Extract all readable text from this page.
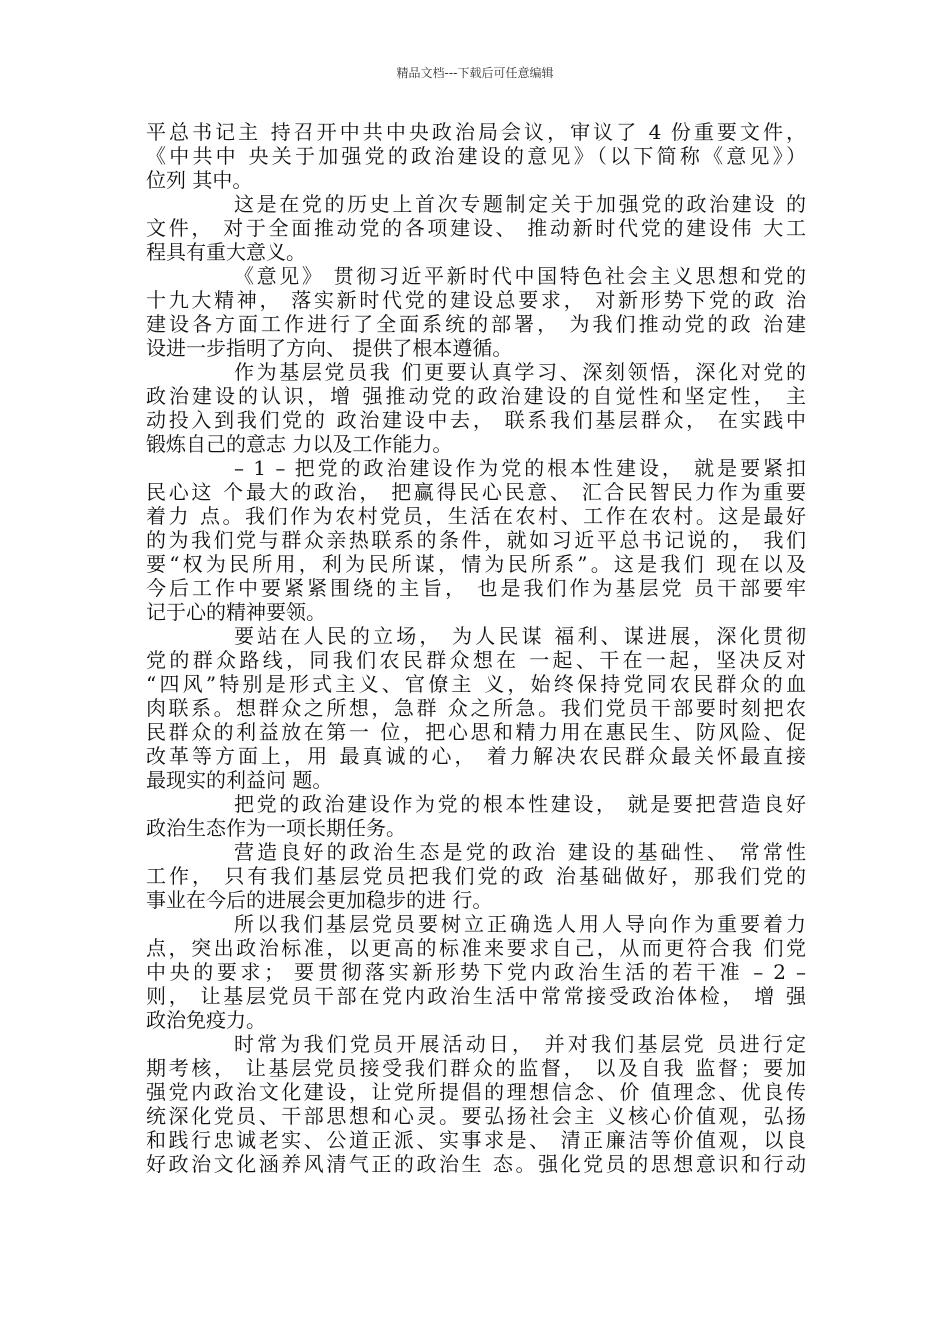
精品文档---下载后可任意编辑
平总书记主 持召开中共中央政治局会议，审议了 4 份重要文件，
《中共中 央关于加强党的政治建设的意见》（以下简称《意见》）
位列 其中。
这是在党的历史上首次专题制定关于加强党的政治建设 的
文件， 对于全面推动党的各项建设、 推动新时代党的建设伟 大工
程具有重大意义。
《意见》 贯彻习近平新时代中国特色社会主义思想和党的
十九大精神， 落实新时代党的建设总要求， 对新形势下党的政 治
建设各方面工作进行了全面系统的部署， 为我们推动党的政 治建
设进一步指明了方向、 提供了根本遵循。
作为基层党员我 们更要认真学习、深刻领悟，深化对党的
政治建设的认识，增 强推动党的政治建设的自觉性和坚定性， 主
动投入到我们党的 政治建设中去， 联系我们基层群众， 在实践中
锻炼自己的意志 力以及工作能力。
– 1 – 把党的政治建设作为党的根本性建设， 就是要紧扣
民心这 个最大的政治， 把赢得民心民意、 汇合民智民力作为重要
着力 点。我们作为农村党员，生活在农村、工作在农村。这是最好
的为我们党与群众亲热联系的条件，就如习近平总书记说的， 我们
要“权为民所用，利为民所谋，情为民所系”。这是我们 现在以及
今后工作中要紧紧围绕的主旨， 也是我们作为基层党 员干部要牢
记于心的精神要领。
要站在人民的立场， 为人民谋 福利、谋进展，深化贯彻
党的群众路线，同我们农民群众想在 一起、干在一起，坚决反对
“四风”特别是形式主义、官僚主 义，始终保持党同农民群众的血
肉联系。想群众之所想，急群 众之所急。我们党员干部要时刻把农
民群众的利益放在第一 位，把心思和精力用在惠民生、防风险、促
改革等方面上，用 最真诚的心， 着力解决农民群众最关怀最直接
最现实的利益问 题。
把党的政治建设作为党的根本性建设， 就是要把营造良好
政治生态作为一项长期任务。
营造良好的政治生态是党的政治 建设的基础性、 常常性
工作， 只有我们基层党员把我们党的政 治基础做好，那我们党的
事业在今后的进展会更加稳步的进 行。
所以我们基层党员要树立正确选人用人导向作为重要着力
点，突出政治标准，以更高的标准来要求自己，从而更符合我 们党
中央的要求； 要贯彻落实新形势下党内政治生活的若干准 – 2 –
则， 让基层党员干部在党内政治生活中常常接受政治体检， 增 强
政治免疫力。
时常为我们党员开展活动日， 并对我们基层党 员进行定
期考核， 让基层党员接受我们群众的监督， 以及自我 监督；要加
强党内政治文化建设，让党所提倡的理想信念、价 值理念、优良传
统深化党员、干部思想和心灵。要弘扬社会主 义核心价值观，弘扬
和践行忠诚老实、公道正派、实事求是、 清正廉洁等价值观，以良
好政治文化涵养风清气正的政治生 态。强化党员的思想意识和行动
